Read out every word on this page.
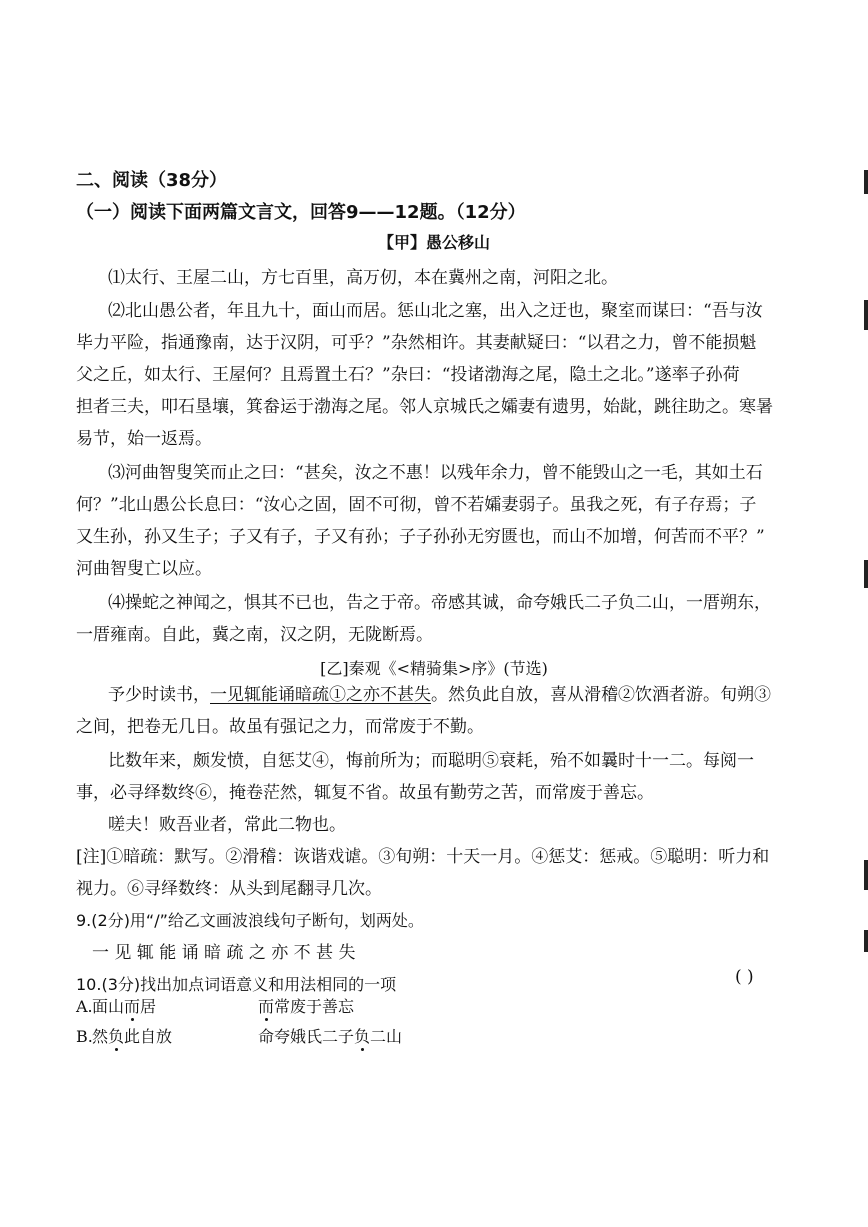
二、阅读（38分）
（一）阅读下面两篇文言文，回答9——12题。（12分）
【甲】愚公移山
⑴太行、王屋二山，方七百里，高万仞，本在冀州之南，河阳之北。
⑵北山愚公者，年且九十，面山而居。惩山北之塞，出入之迂也，聚室而谋曰：“吾与汝
毕力平险，指通豫南，达于汉阴，可乎？”杂然相许。其妻献疑曰：“以君之力，曾不能损魁
父之丘，如太行、王屋何？且焉置土石？”杂曰：“投诸渤海之尾，隐土之北。”遂率子孙荷
担者三夫，叩石垦壤，箕畚运于渤海之尾。邻人京城氏之孀妻有遗男，始龀，跳往助之。寒暑
易节，始一返焉。
⑶河曲智叟笑而止之曰：“甚矣，汝之不惠！以残年余力，曾不能毁山之一毛，其如土石
何？”北山愚公长息曰：“汝心之固，固不可彻，曾不若孀妻弱子。虽我之死，有子存焉；子
又生孙，孙又生子；子又有子，子又有孙；子子孙孙无穷匮也，而山不加增，何苦而不平？”
河曲智叟亡以应。
⑷操蛇之神闻之，惧其不已也，告之于帝。帝感其诚，命夸娥氏二子负二山，一厝朔东，
一厝雍南。自此，冀之南，汉之阴，无陇断焉。
[乙]秦观《<精骑集>序》(节选)
予少时读书，一见辄能诵暗疏①之亦不甚失。然负此自放，喜从滑稽②饮酒者游。旬朔③
之间，把卷无几日。故虽有强记之力，而常废于不勤。
比数年来，颇发愤，自惩艾④，悔前所为；而聪明⑤衰耗，殆不如曩时十一二。每阅一
事，必寻绎数终⑥，掩卷茫然，辄复不省。故虽有勤劳之苦，而常废于善忘。
嗟夫！败吾业者，常此二物也。
[注]①暗疏：默写。②滑稽：诙谐戏谑。③旬朔：十天一月。④惩艾：惩戒。⑤聪明：听力和
视力。⑥寻绎数终：从头到尾翻寻几次。
9.(2分)用“/”给乙文画波浪线句子断句，划两处。
一 见 辄 能 诵 暗 疏 之 亦 不 甚 失
10.(3分)找出加点词语意义和用法相同的一项	( )
A. 面山而居	而常废于善忘
B. 然负此自放	命夸娥氏二子负二山
